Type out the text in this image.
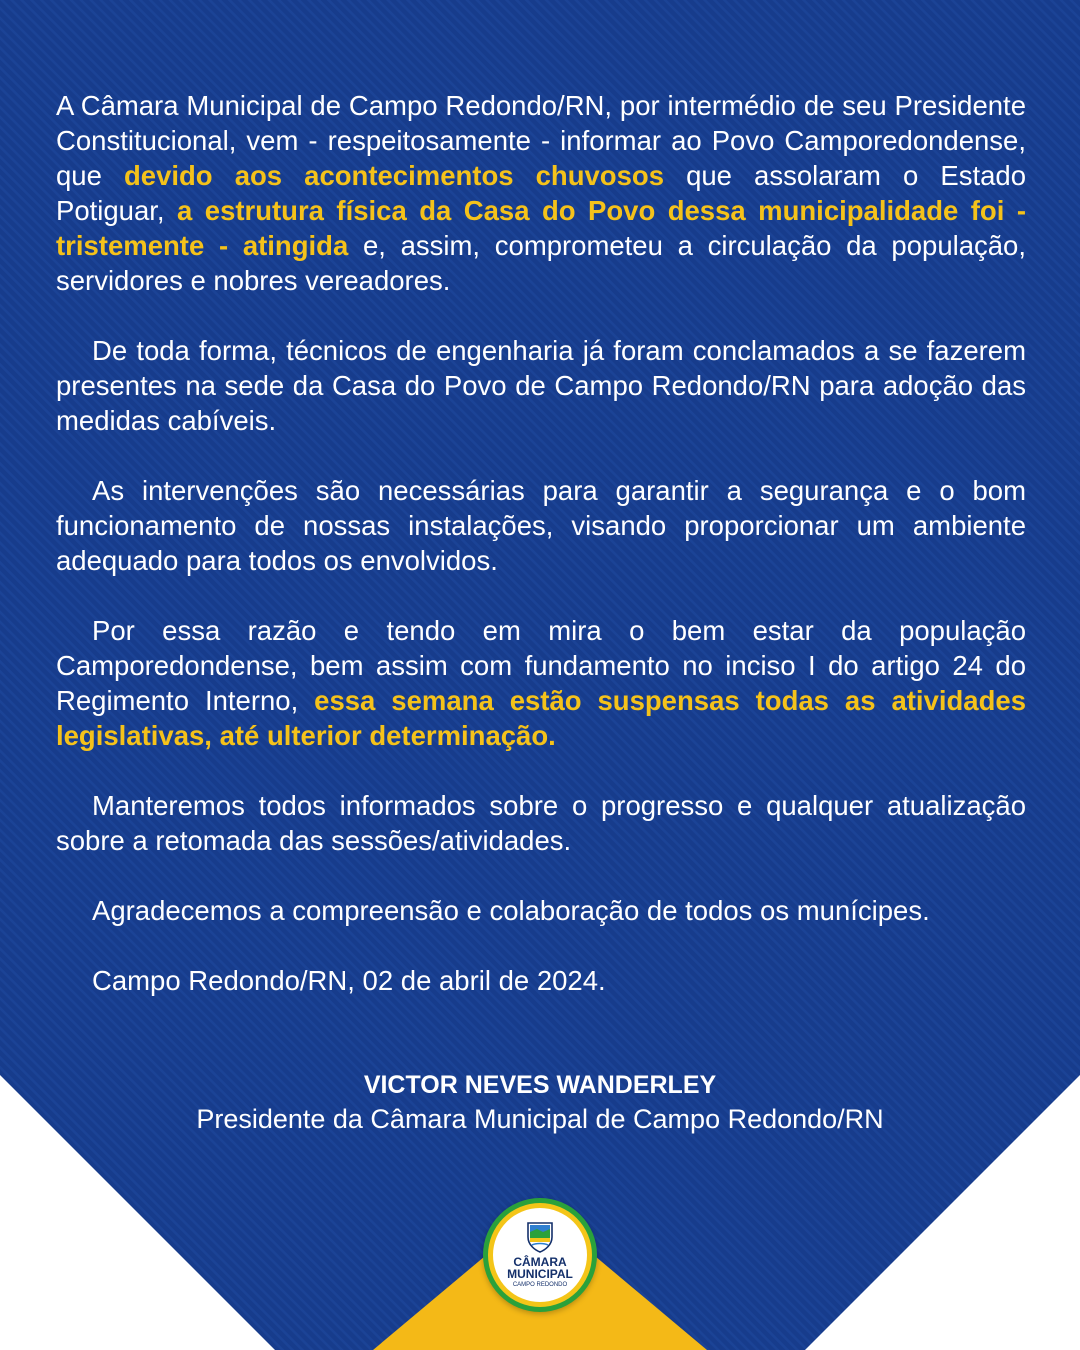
A Câmara Municipal de Campo Redondo/RN, por intermédio de seu Presidente Constitucional, vem - respeitosamente - informar ao Povo Camporedondense, que devido aos acontecimentos chuvosos que assolaram o Estado Potiguar, a estrutura física da Casa do Povo dessa municipalidade foi - tristemente - atingida e, assim, comprometeu a circulação da população, servidores e nobres vereadores.

De toda forma, técnicos de engenharia já foram conclamados a se fazerem presentes na sede da Casa do Povo de Campo Redondo/RN para adoção das medidas cabíveis.

As intervenções são necessárias para garantir a segurança e o bom funcionamento de nossas instalações, visando proporcionar um ambiente adequado para todos os envolvidos.

Por essa razão e tendo em mira o bem estar da população Camporedondense, bem assim com fundamento no inciso I do artigo 24 do Regimento Interno, essa semana estão suspensas todas as atividades legislativas, até ulterior determinação.

Manteremos todos informados sobre o progresso e qualquer atualização sobre a retomada das sessões/atividades.

Agradecemos a compreensão e colaboração de todos os munícipes.

Campo Redondo/RN, 02 de abril de 2024.

VICTOR NEVES WANDERLEY
Presidente da Câmara Municipal de Campo Redondo/RN
CÂMARA
MUNICIPAL
CAMPO REDONDO
